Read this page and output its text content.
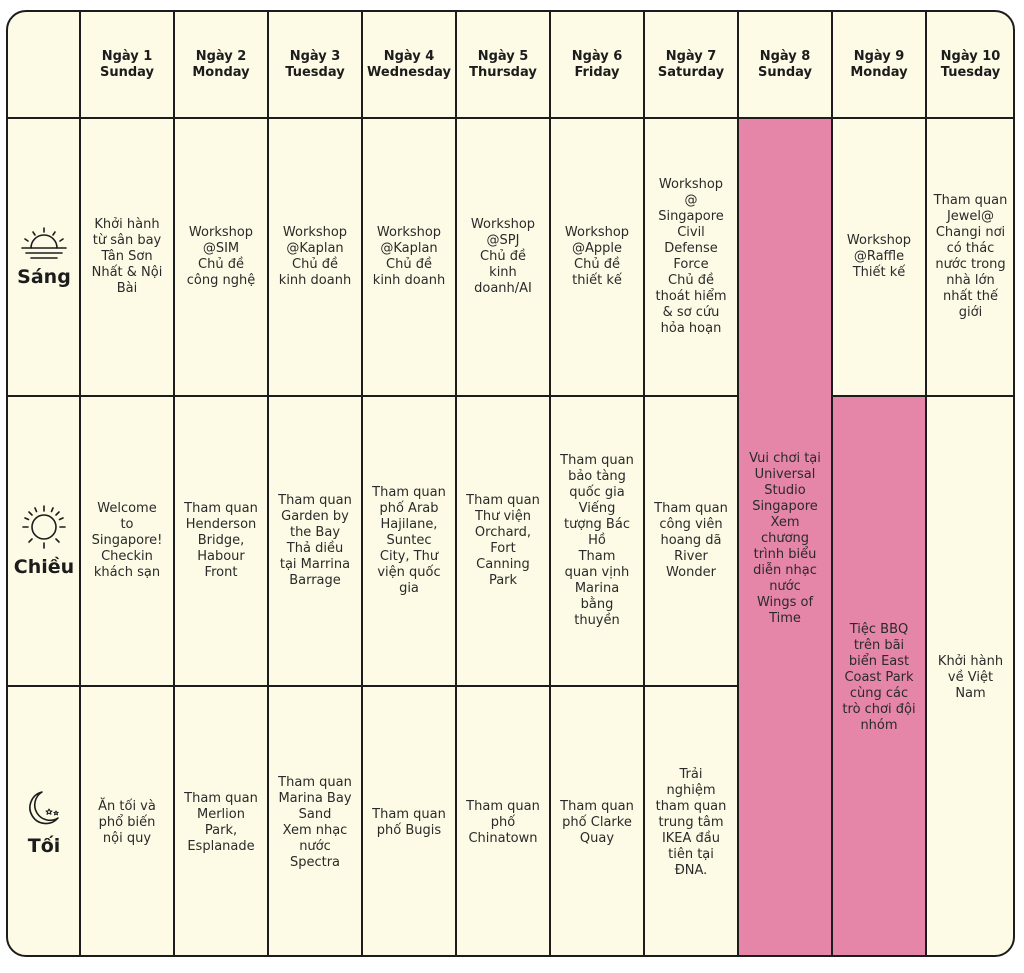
Ngày 1
Sunday
Ngày 2
Monday
Ngày 3
Tuesday
Ngày 4
Wednesday
Ngày 5
Thursday
Ngày 6
Friday
Ngày 7
Saturday
Ngày 8
Sunday
Ngày 9
Monday
Ngày 10
Tuesday
Vui chơi tại
Universal
Studio
Singapore
Xem
chương
trình biểu
diễn nhạc
nước
Wings of
Time
Tiệc BBQ
trên bãi
biển East
Coast Park
cùng các
trò chơi đội
nhóm
Khởi hành
về Việt
Nam
Khởi hành
từ sân bay
Tân Sơn
Nhất & Nội
Bài
Workshop
@SIM
Chủ đề
công nghệ
Workshop
@Kaplan
Chủ đề
kinh doanh
Workshop
@Kaplan
Chủ đề
kinh doanh
Workshop
@SPJ
Chủ đề
kinh
doanh/AI
Workshop
@Apple
Chủ đề
thiết kế
Workshop
@
Singapore
Civil
Defense
Force
Chủ đề
thoát hiểm
& sơ cứu
hỏa hoạn
Workshop
@Raffle
Thiết kế
Tham quan
Jewel@
Changi nơi
có thác
nước trong
nhà lớn
nhất thế
giới
Welcome
to
Singapore!
Checkin
khách sạn
Tham quan
Henderson
Bridge,
Habour
Front
Tham quan
Garden by
the Bay
Thả diều
tại Marrina
Barrage
Tham quan
phố Arab
Hajilane,
Suntec
City, Thư
viện quốc
gia
Tham quan
Thư viện
Orchard,
Fort
Canning
Park
Tham quan
bảo tàng
quốc gia
Viếng
tượng Bác
Hồ
Tham
quan vịnh
Marina
bằng
thuyền
Tham quan
công viên
hoang dã
River
Wonder
Ăn tối và
phổ biến
nội quy
Tham quan
Merlion
Park,
Esplanade
Tham quan
Marina Bay
Sand
Xem nhạc
nước
Spectra
Tham quan
phố Bugis
Tham quan
phố
Chinatown
Tham quan
phố Clarke
Quay
Trải
nghiệm
tham quan
trung tâm
IKEA đầu
tiên tại
ĐNA.
Sáng
Chiều
Tối
